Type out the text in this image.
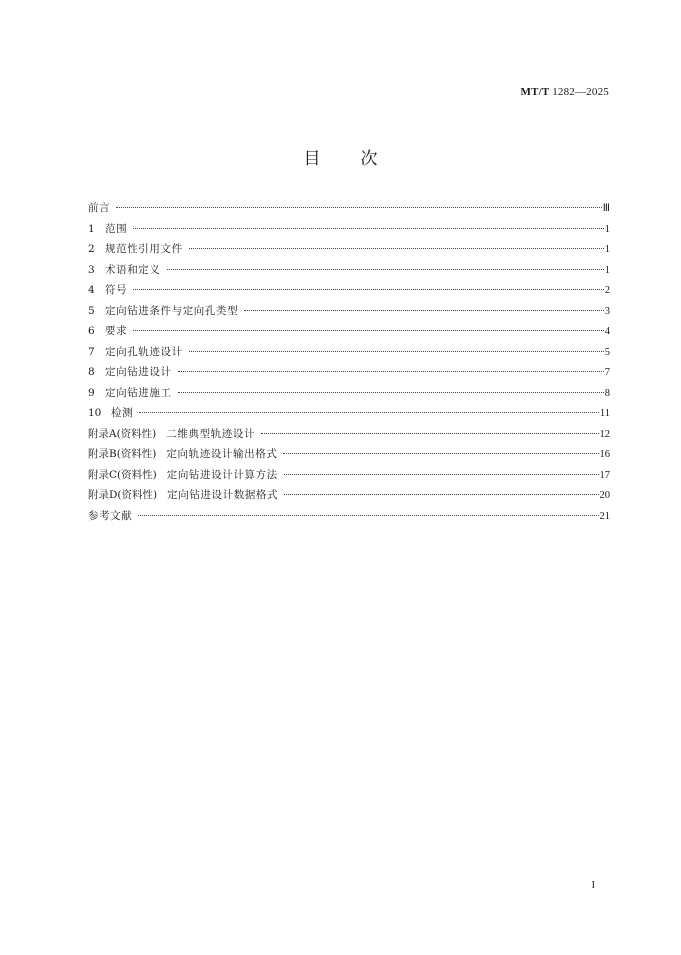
MT/T 1282—2025
目 次
前言	Ⅲ
1 范围	1
2 规范性引用文件	1
3 术语和定义	1
4 符号	2
5 定向钻进条件与定向孔类型	3
6 要求	4
7 定向孔轨迹设计	5
8 定向钻进设计	7
9 定向钻进施工	8
10 检测	11
附录A(资料性) 二维典型轨迹设计	12
附录B(资料性) 定向轨迹设计输出格式	16
附录C(资料性) 定向钻进设计计算方法	17
附录D(资料性) 定向钻进设计数据格式	20
参考文献	21
I
